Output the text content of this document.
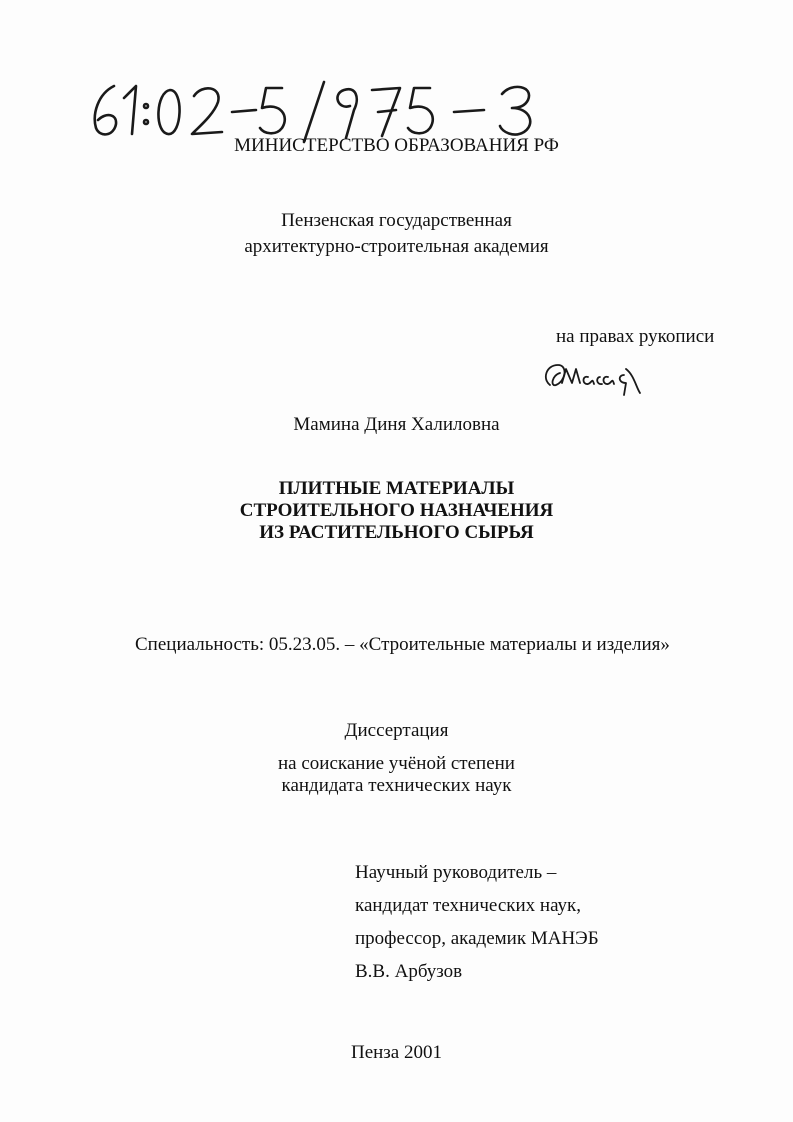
МИНИСТЕРСТВО ОБРАЗОВАНИЯ РФ
Пензенская государственная
архитектурно-строительная академия
на правах рукописи
Мамина Диня Халиловна
ПЛИТНЫЕ МАТЕРИАЛЫ
СТРОИТЕЛЬНОГО НАЗНАЧЕНИЯ
ИЗ РАСТИТЕЛЬНОГО СЫРЬЯ
Специальность: 05.23.05. – «Строительные материалы и изделия»
Диссертация
на соискание учёной степени
кандидата технических наук
Научный руководитель –
кандидат технических наук,
профессор, академик МАНЭБ
В.В. Арбузов
Пенза 2001
